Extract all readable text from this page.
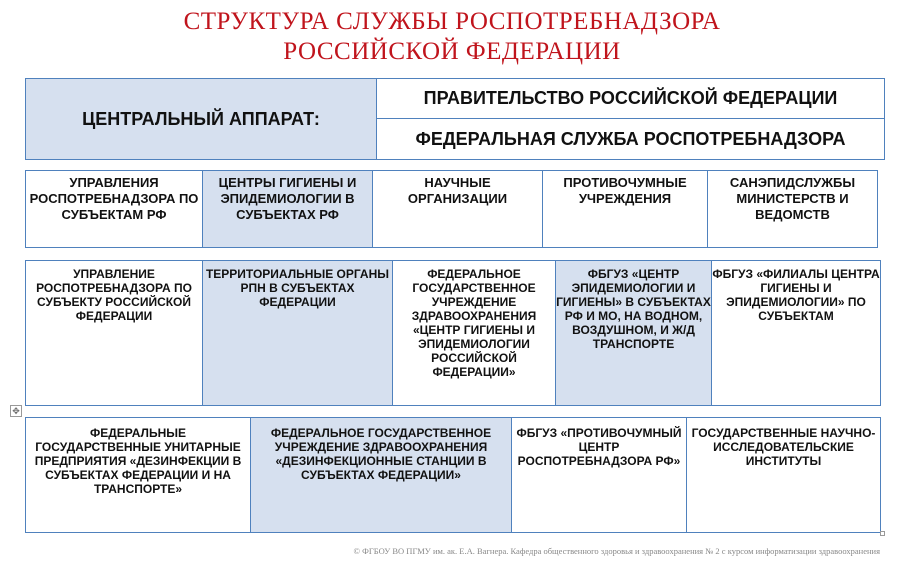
СТРУКТУРА СЛУЖБЫ РОСПОТРЕБНАДЗОРА
РОССИЙСКОЙ ФЕДЕРАЦИИ
ЦЕНТРАЛЬНЫЙ АППАРАТ:
ПРАВИТЕЛЬСТВО РОССИЙСКОЙ ФЕДЕРАЦИИ
ФЕДЕРАЛЬНАЯ СЛУЖБА РОСПОТРЕБНАДЗОРА
УПРАВЛЕНИЯ РОСПОТРЕБНАДЗОРА ПО СУБЪЕКТАМ РФ
ЦЕНТРЫ ГИГИЕНЫ И ЭПИДЕМИОЛОГИИ В СУБЪЕКТАХ РФ
НАУЧНЫЕ ОРГАНИЗАЦИИ
ПРОТИВОЧУМНЫЕ УЧРЕЖДЕНИЯ
САНЭПИДСЛУЖБЫ МИНИСТЕРСТВ И ВЕДОМСТВ
УПРАВЛЕНИЕ РОСПОТРЕБНАДЗОРА ПО СУБЪЕКТУ РОССИЙСКОЙ ФЕДЕРАЦИИ
ТЕРРИТОРИАЛЬНЫЕ ОРГАНЫ РПН В СУБЪЕКТАХ ФЕДЕРАЦИИ
ФЕДЕРАЛЬНОЕ ГОСУДАРСТВЕННОЕ УЧРЕЖДЕНИЕ ЗДРАВООХРАНЕНИЯ «ЦЕНТР ГИГИЕНЫ И ЭПИДЕМИОЛОГИИ РОССИЙСКОЙ ФЕДЕРАЦИИ»
ФБГУЗ «ЦЕНТР ЭПИДЕМИОЛОГИИ И ГИГИЕНЫ» В СУБЪЕКТАХ РФ И МО, НА ВОДНОМ, ВОЗДУШНОМ, И Ж/Д ТРАНСПОРТЕ
ФБГУЗ «ФИЛИАЛЫ ЦЕНТРА ГИГИЕНЫ И ЭПИДЕМИОЛОГИИ» ПО СУБЪЕКТАМ
✥
ФЕДЕРАЛЬНЫЕ ГОСУДАРСТВЕННЫЕ УНИТАРНЫЕ ПРЕДПРИЯТИЯ «ДЕЗИНФЕКЦИИ В СУБЪЕКТАХ ФЕДЕРАЦИИ И НА ТРАНСПОРТЕ»
ФЕДЕРАЛЬНОЕ ГОСУДАРСТВЕННОЕ УЧРЕЖДЕНИЕ ЗДРАВООХРАНЕНИЯ «ДЕЗИНФЕКЦИОННЫЕ СТАНЦИИ В СУБЪЕКТАХ ФЕДЕРАЦИИ»
ФБГУЗ «ПРОТИВОЧУМНЫЙ ЦЕНТР РОСПОТРЕБНАДЗОРА РФ»
ГОСУДАРСТВЕННЫЕ НАУЧНО-ИССЛЕДОВАТЕЛЬСКИЕ ИНСТИТУТЫ
© ФГБОУ ВО ПГМУ им. ак. Е.А. Вагнера. Кафедра общественного здоровья и здравоохранения № 2 с курсом информатизации здравоохранения
